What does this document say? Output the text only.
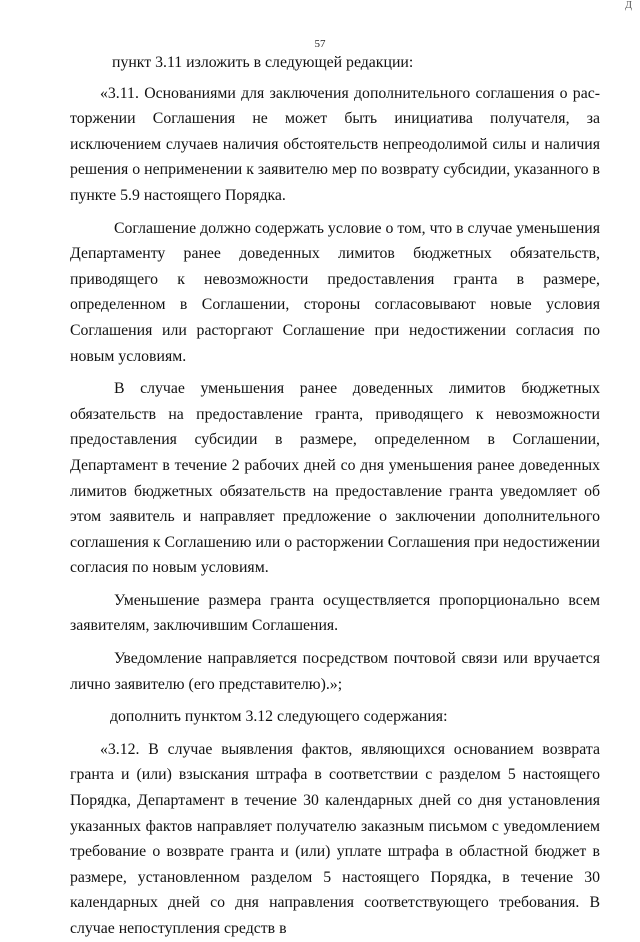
Д
57

пункт 3.11 изложить в следующей редакции:

«3.11. Основаниями для заключения дополнительного соглашения о расторжении Соглашения не может быть инициатива получателя, за исключением случаев наличия обстоятельств непреодолимой силы и наличия решения о неприменении к заявителю мер по возврату субсидии, указанного в пункте 5.9 настоящего Порядка.

Соглашение должно содержать условие о том, что в случае уменьшения Департаменту ранее доведенных лимитов бюджетных обязательств, приводящего к невозможности предоставления гранта в размере, определенном в Соглашении, стороны согласовывают новые условия Соглашения или расторгают Соглашение при недостижении согласия по новым условиям.

В случае уменьшения ранее доведенных лимитов бюджетных обязательств на предоставление гранта, приводящего к невозможности предоставления субсидии в размере, определенном в Соглашении, Департамент в течение 2 рабочих дней со дня уменьшения ранее доведенных лимитов бюджетных обязательств на предоставление гранта уведомляет об этом заявитель и направляет предложение о заключении дополнительного соглашения к Соглашению или о расторжении Соглашения при недостижении согласия по новым условиям.

Уменьшение размера гранта осуществляется пропорционально всем заявителям, заключившим Соглашения.

Уведомление направляется посредством почтовой связи или вручается лично заявителю (его представителю).»;

дополнить пунктом 3.12 следующего содержания:

«3.12. В случае выявления фактов, являющихся основанием возврата гранта и (или) взыскания штрафа в соответствии с разделом 5 настоящего Порядка, Департамент в течение 30 календарных дней со дня установления указанных фактов направляет получателю заказным письмом с уведомлением требование о возврате гранта и (или) уплате штрафа в областной бюджет в размере, установленном разделом 5 настоящего Порядка, в течение 30 календарных дней со дня направления соответствующего требования. В случае непоступления средств в
